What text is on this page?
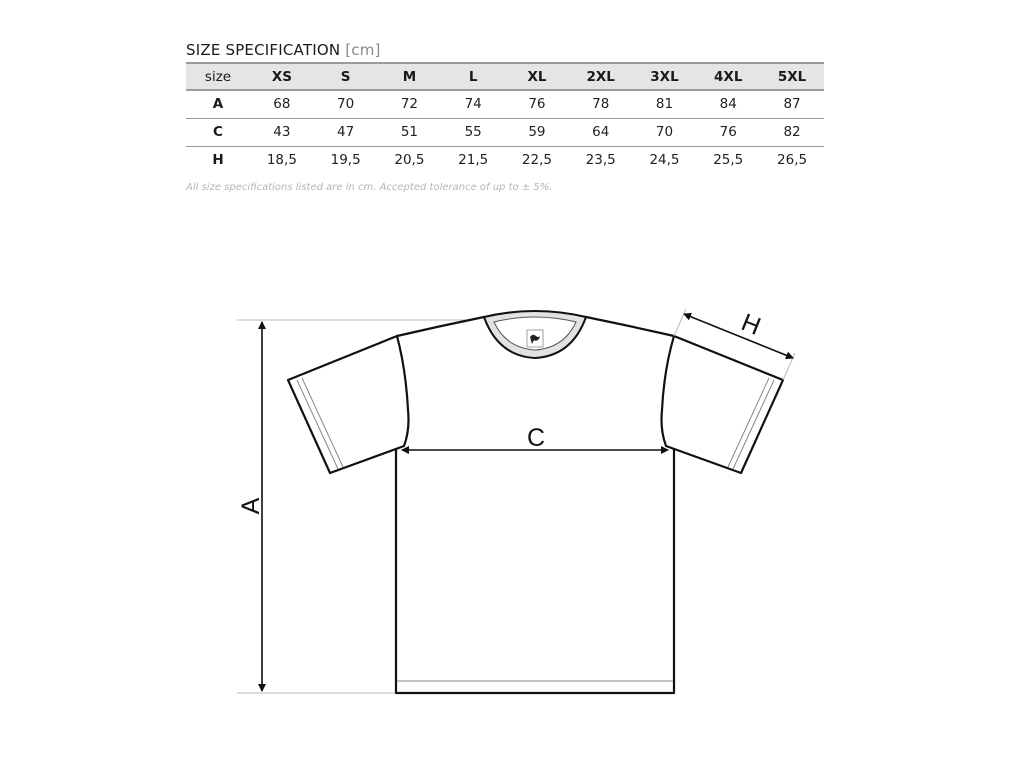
SIZE SPECIFICATION [cm]
size	XS	S	M	L	XL	2XL	3XL	4XL	5XL
A	68	70	72	74	76	78	81	84	87
C	43	47	51	55	59	64	70	76	82
H	18,5	19,5	20,5	21,5	22,5	23,5	24,5	25,5	26,5
All size specifications listed are in cm. Accepted tolerance of up to ± 5%.
A
C
H
